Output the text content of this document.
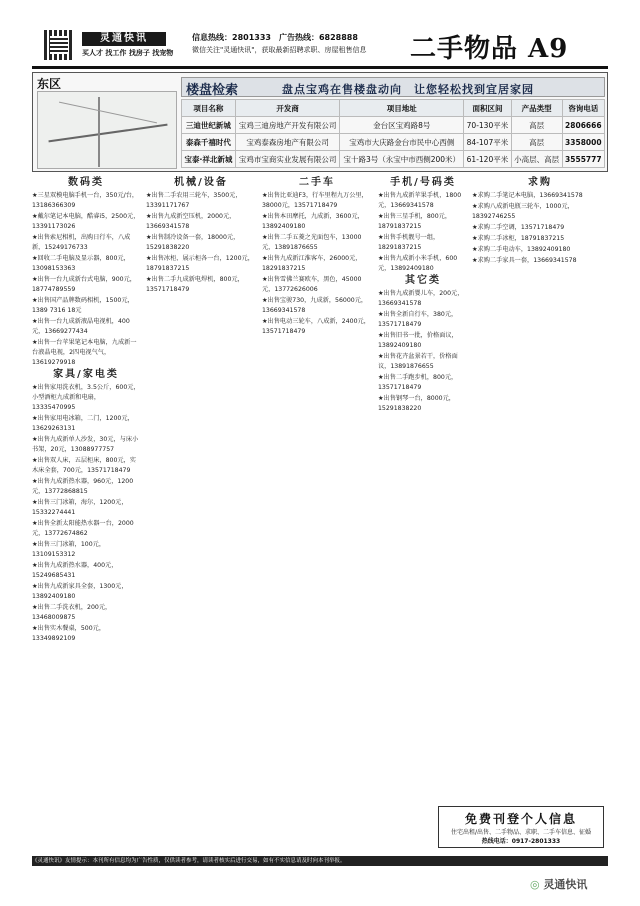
灵通快讯
买人才 找工作 找房子 找宠物
信息热线：2801333　广告热线：6828888
微信关注"灵通快讯"，获取最新招聘求职、房屋租售信息 二手物品 A9
东区	楼盘检索	盘点宝鸡在售楼盘动向　让您轻松找到宜居家园
项目名称	开发商	项目地址	面积区间	产品类型	咨询电话
三迪世纪新城	宝鸡三迪房地产开发有限公司	金台区宝鸡路8号	70-130平米	高层	2806666
泰森千禧时代	宝鸡泰森房地产有限公司	宝鸡市大庆路金台市民中心西侧	84-107平米	高层	3358000
宝泰·祥北新城	宝鸡市宝商实业发展有限公司	宝十路3号（永宝中市西侧200米）	61-120平米	小高层、高层	3555777
数码类

★三星双模电脑手机一台，350元/台，13186366309

★戴尔笔记本电脑，酷睿i5，2500元，13391173026

★出售索尼相机，出购日行车，八成新，15249176733

★回收二手电脑及显示器，800元，13098153363

★出售一台九成新台式电脑，900元，18774789559

★出售国产品牌数码相机，1500元，1389 7316 18元

★出售一台九成新液晶电视机，400元，13669277434

★出售一台苹果笔记本电脑，九成新一台液晶电视，2四电视气气，13619279918

家具/家电类

★出售家用洗衣机，3.5公斤，600元，小型酒柜九成新和电扇，13335470995

★出售家用电冰箱，二门，1200元，13629263131

★出售九成新单人沙发，30元，与床小书架，20元，13088977757

★出售双人床，五层柜床，800元，实木床全套，700元，13571718479

★出售九成新热水器，960元，1200元，13772868815

★出售三门冰箱，海尔，1200元，15332274441

★出售全新太阳能热水器一台，2000元，13772674862

★出售三门冰箱，100元，13109153312

★出售九成新热水器，400元，15249685431

★出售九成新家具全套，1300元，13892409180

★出售二手洗衣机，200元，13468009875

★出售实木餐桌，500元，13349892109

机械/设备

★出售二手农用三轮车，3500元，13391171767

★出售九成新空压机，2000元，13669341578

★出售制冷设备一套，18000元，15291838220

★出售冰柜、展示柜各一台，1200元，18791837215

★出售二手九成新电焊机，800元，13571718479

二手车

★出售比亚迪F3，行车里程九万公里，38000元，13571718479

★出售本田摩托，九成新，3600元，13892409180

★出售二手五菱之光面包车，13000元，13891876655

★出售九成新江淮客车，26000元，18291837215

★出售雪佛兰赛欧车，黑色，45000元，13772626006

★出售宝骏730，九成新，56000元，13669341578

★出售电动三轮车，八成新，2400元，13571718479

手机/号码类

★出售九成新苹果手机，1800元，13669341578

★出售三星手机，800元，18791837215

★出售手机靓号一组，18291837215

★出售九成新小米手机，600元，13892409180

其它类

★出售九成新婴儿车，200元，13669341578

★出售全新自行车，380元，13571718479

★出售旧书一批，价格面议，13892409180

★出售花卉盆景若干，价格面议，13891876655

★出售二手跑步机，800元，13571718479

★出售钢琴一台，8000元，15291838220

求购

★求购二手笔记本电脑，13669341578

★求购八成新电瓶三轮车，1000元，18392746255

★求购二手空调，13571718479

★求购二手冰柜，18791837215

★求购二手电动车，13892409180

★求购二手家具一套，13669341578

免费刊登个人信息
住宅出租/出售、二手物品、求职、二手车信息、征婚
热线电话：0917-2801333
《灵通快讯》友情提示：本刊所有信息均为广告性质，仅供读者参考，请读者核实后进行交易，如有不实信息请及时向本刊举报。
◎ 灵通快讯
